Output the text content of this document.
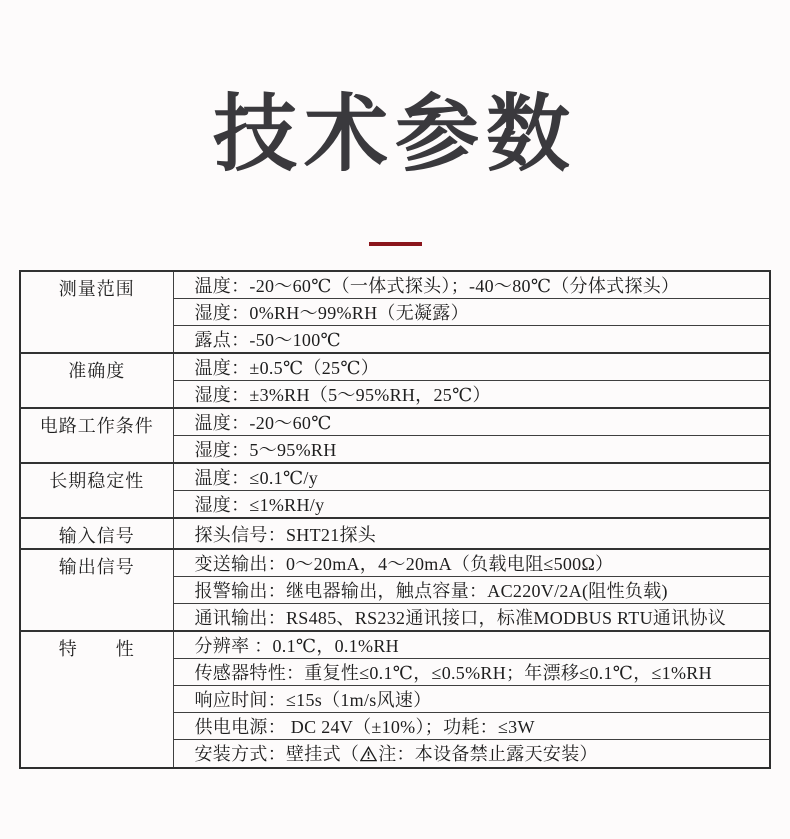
技术参数
测量范围	温度：-20～60℃（一体式探头）；-40～80℃（分体式探头）
	湿度：0%RH～99%RH（无凝露）
	露点：-50～100℃
准确度	温度：±0.5℃（25℃）
	湿度：±3%RH（5～95%RH，25℃）
电路工作条件	温度：-20～60℃
	湿度：5～95%RH
长期稳定性	温度：≤0.1℃/y
	湿度：≤1%RH/y
输入信号	探头信号：SHT21探头
输出信号	变送输出：0～20mA，4～20mA（负载电阻≤500Ω）
	报警输出：继电器输出，触点容量：AC220V/2A(阻性负载)
	通讯输出：RS485、RS232通讯接口，标准MODBUS RTU通讯协议
特　　性	分辨率 ：0.1℃，0.1%RH
	传感器特性：重复性≤0.1℃，≤0.5%RH；年漂移≤0.1℃，≤1%RH
	响应时间：≤15s（1m/s风速）
	供电电源： DC 24V（±10%）；功耗：≤3W
	安装方式：壁挂式（ 注：本设备禁止露天安装）
